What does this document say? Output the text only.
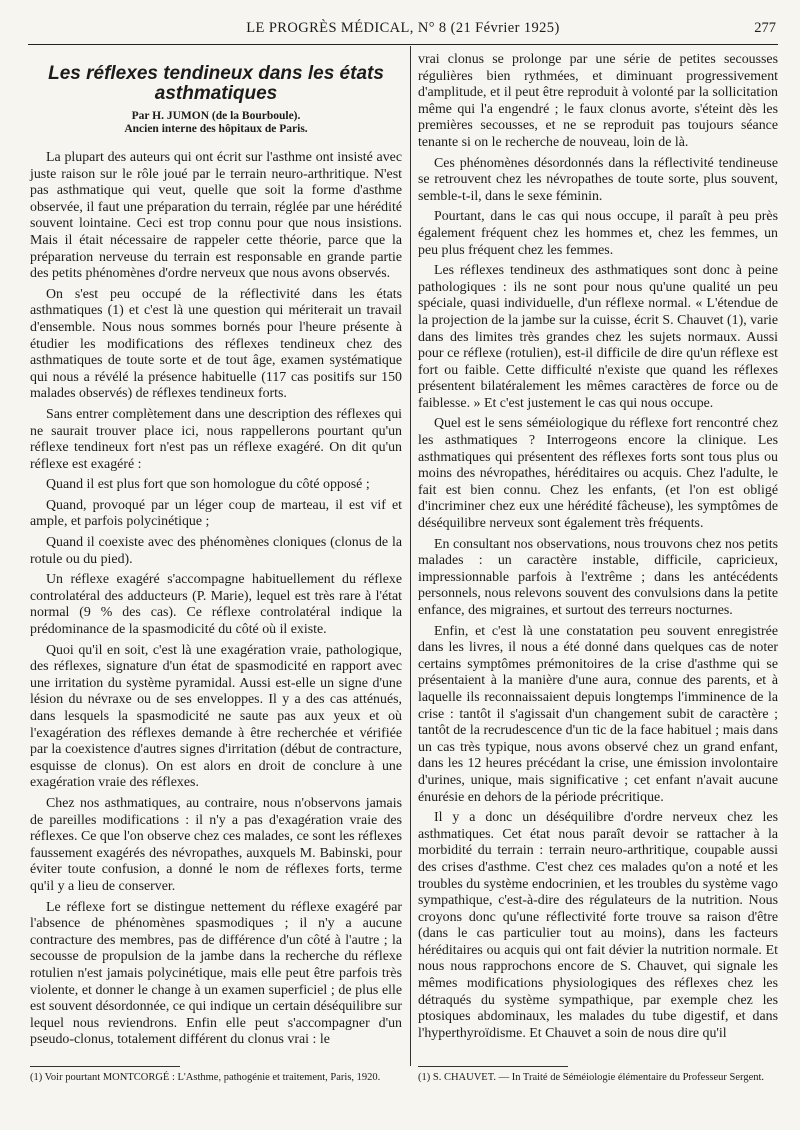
LE PROGRÈS MÉDICAL, N° 8 (21 Février 1925)	277
Les réflexes tendineux dans les états asthmatiques
Par H. JUMON (de la Bourboule).
Ancien interne des hôpitaux de Paris.

La plupart des auteurs qui ont écrit sur l'asthme ont insisté avec juste raison sur le rôle joué par le terrain neuro-arthritique. N'est pas asthmatique qui veut, quelle que soit la forme d'asthme observée, il faut une préparation du terrain, réglée par une hérédité souvent lointaine. Ceci est trop connu pour que nous insistions. Mais il était nécessaire de rappeler cette théorie, parce que la préparation nerveuse du terrain est responsable en grande partie des petits phénomènes d'ordre nerveux que nous avons observés.

On s'est peu occupé de la réflectivité dans les états asthmatiques (1) et c'est là une question qui mériterait un travail d'ensemble. Nous nous sommes bornés pour l'heure présente à étudier les modifications des réflexes tendineux chez des asthmatiques de toute sorte et de tout âge, examen systématique qui nous a révélé la présence habituelle (117 cas positifs sur 150 malades observés) de réflexes tendineux forts.

Sans entrer complètement dans une description des réflexes qui ne saurait trouver place ici, nous rappellerons pourtant qu'un réflexe tendineux fort n'est pas un réflexe exagéré. On dit qu'un réflexe est exagéré :

Quand il est plus fort que son homologue du côté opposé ;

Quand, provoqué par un léger coup de marteau, il est vif et ample, et parfois polycinétique ;

Quand il coexiste avec des phénomènes cloniques (clonus de la rotule ou du pied).

Un réflexe exagéré s'accompagne habituellement du réflexe controlatéral des adducteurs (P. Marie), lequel est très rare à l'état normal (9 % des cas). Ce réflexe controlatéral indique la prédominance de la spasmodicité du côté où il existe.

Quoi qu'il en soit, c'est là une exagération vraie, pathologique, des réflexes, signature d'un état de spasmodicité en rapport avec une irritation du système pyramidal. Aussi est-elle un signe d'une lésion du névraxe ou de ses enveloppes. Il y a des cas atténués, dans lesquels la spasmodicité ne saute pas aux yeux et où l'exagération des réflexes demande à être recherchée et vérifiée par la coexistence d'autres signes d'irritation (début de contracture, esquisse de clonus). On est alors en droit de conclure à une exagération vraie des réflexes.

Chez nos asthmatiques, au contraire, nous n'observons jamais de pareilles modifications : il n'y a pas d'exagération vraie des réflexes. Ce que l'on observe chez ces malades, ce sont les réflexes faussement exagérés des névropathes, auxquels M. Babinski, pour éviter toute confusion, a donné le nom de réflexes forts, terme qu'il y a lieu de conserver.

Le réflexe fort se distingue nettement du réflexe exagéré par l'absence de phénomènes spasmodiques ; il n'y a aucune contracture des membres, pas de différence d'un côté à l'autre ; la secousse de propulsion de la jambe dans la recherche du réflexe rotulien n'est jamais polycinétique, mais elle peut être parfois très violente, et donner le change à un examen superficiel ; de plus elle est souvent désordonnée, ce qui indique un certain déséquilibre sur lequel nous reviendrons. Enfin elle peut s'accompagner d'un pseudo-clonus, totalement différent du clonus vrai : le

vrai clonus se prolonge par une série de petites secousses régulières bien rythmées, et diminuant progressivement d'amplitude, et il peut être reproduit à volonté par la sollicitation même qui l'a engendré ; le faux clonus avorte, s'éteint dès les premières secousses, et ne se reproduit pas toujours séance tenante si on le recherche de nouveau, loin de là.

Ces phénomènes désordonnés dans la réflectivité tendineuse se retrouvent chez les névropathes de toute sorte, plus souvent, semble-t-il, dans le sexe féminin.

Pourtant, dans le cas qui nous occupe, il paraît à peu près également fréquent chez les hommes et, chez les femmes, un peu plus fréquent chez les femmes.

Les réflexes tendineux des asthmatiques sont donc à peine pathologiques : ils ne sont pour nous qu'une qualité un peu spéciale, quasi individuelle, d'un réflexe normal. « L'étendue de la projection de la jambe sur la cuisse, écrit S. Chauvet (1), varie dans des limites très grandes chez les sujets normaux. Aussi pour ce réflexe (rotulien), est-il difficile de dire qu'un réflexe est fort ou faible. Cette difficulté n'existe que quand les réflexes présentent bilatéralement les mêmes caractères de force ou de faiblesse. » Et c'est justement le cas qui nous occupe.

Quel est le sens séméiologique du réflexe fort rencontré chez les asthmatiques ? Interrogeons encore la clinique. Les asthmatiques qui présentent des réflexes forts sont tous plus ou moins des névropathes, héréditaires ou acquis. Chez l'adulte, le fait est bien connu. Chez les enfants, (et l'on est obligé d'incriminer chez eux une hérédité fâcheuse), les symptômes de déséquilibre nerveux sont également très fréquents.

En consultant nos observations, nous trouvons chez nos petits malades : un caractère instable, difficile, capricieux, impressionnable parfois à l'extrême ; dans les antécédents personnels, nous relevons souvent des convulsions dans la petite enfance, des migraines, et surtout des terreurs nocturnes.

Enfin, et c'est là une constatation peu souvent enregistrée dans les livres, il nous a été donné dans quelques cas de noter certains symptômes prémonitoires de la crise d'asthme qui se présentaient à la manière d'une aura, connue des parents, et à laquelle ils reconnaissaient depuis longtemps l'imminence de la crise : tantôt il s'agissait d'un changement subit de caractère ; tantôt de la recrudescence d'un tic de la face habituel ; mais dans un cas très typique, nous avons observé chez un grand enfant, dans les 12 heures précédant la crise, une émission involontaire d'urines, unique, mais significative ; cet enfant n'avait aucune énurésie en dehors de la période précritique.

Il y a donc un déséquilibre d'ordre nerveux chez les asthmatiques. Cet état nous paraît devoir se rattacher à la morbidité du terrain : terrain neuro-arthritique, coupable aussi des crises d'asthme. C'est chez ces malades qu'on a noté et les troubles du système endocrinien, et les troubles du système vago sympathique, c'est-à-dire des régulateurs de la nutrition. Nous croyons donc qu'une réflectivité forte trouve sa raison d'être (dans le cas particulier tout au moins), dans les facteurs héréditaires ou acquis qui ont fait dévier la nutrition normale. Et nous nous rapprochons encore de S. Chauvet, qui signale les mêmes modifications physiologiques des réflexes chez les détraqués du système sympathique, par exemple chez les ptosiques abdominaux, les malades du tube digestif, et dans l'hyperthyroïdisme. Et Chauvet a soin de nous dire qu'il

(1) Voir pourtant MONTCORGÉ : L'Asthme, pathogénie et traitement, Paris, 1920.	(1) S. CHAUVET. — In Traité de Séméiologie élémentaire du Professeur Sergent.
